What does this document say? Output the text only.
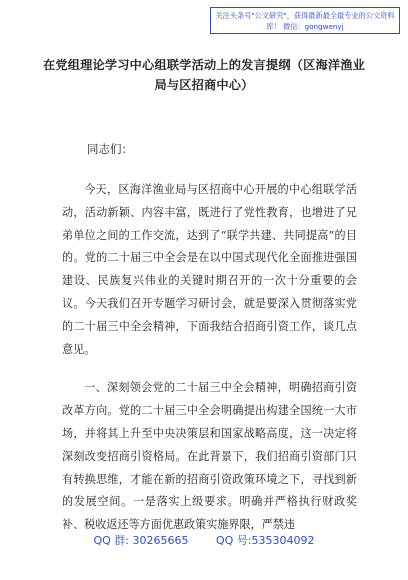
关注头条号"公文研究"，获得最新最全最专业的公文资料库！ 微信：gongwenyj
在党组理论学习中心组联学活动上的发言提纲（区海洋渔业局与区招商中心）
同志们：

今天，区海洋渔业局与区招商中心开展的中心组联学活动，活动新颖、内容丰富，既进行了党性教育，也增进了兄弟单位之间的工作交流，达到了“联学共建、共同提高”的目的。党的二十届三中全会是在以中国式现代化全面推进强国建设、民族复兴伟业的关键时期召开的一次十分重要的会议。今天我们召开专题学习研讨会，就是要深入贯彻落实党的二十届三中全会精神，下面我结合招商引资工作，谈几点意见。

一、深刻领会党的二十届三中全会精神，明确招商引资改革方向。党的二十届三中全会明确提出构建全国统一大市场，并将其上升至中央决策层和国家战略高度，这一决定将深刻改变招商引资格局。在此背景下，我们招商引资部门只有转换思维，才能在新的招商引资政策环境之下，寻找到新的发展空间。一是落实上级要求。明确并严格执行财政奖补、税收返还等方面优惠政策实施界限，严禁违

QQ 群: 30265665	QQ 号:535304092
